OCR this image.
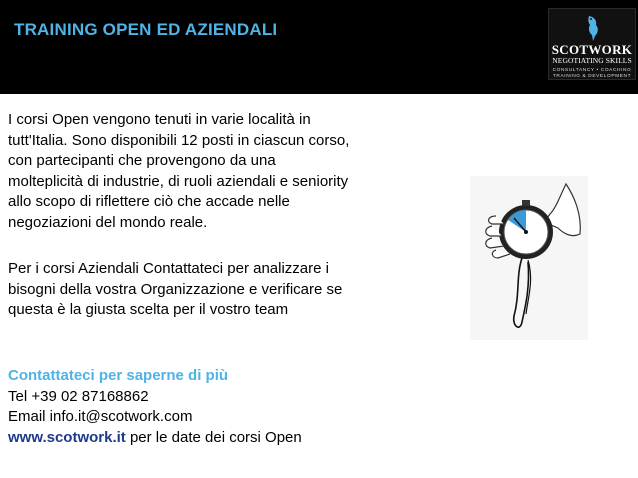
TRAINING OPEN ED AZIENDALI
SCOTWORK
NEGOTIATING SKILLS
CONSULTANCY • COACHING
TRAINING & DEVELOPMENT
I corsi Open vengono tenuti in varie località in
tutt'Italia. Sono disponibili 12 posti in ciascun corso,
con partecipanti che provengono da una
molteplicità di industrie, di ruoli aziendali e seniority
allo scopo di riflettere ciò che accade nelle
negoziazioni del mondo reale.
Per i corsi Aziendali Contattateci per analizzare i
bisogni della vostra Organizzazione e verificare se
questa è la giusta scelta per il vostro team
Contattateci per saperne di più
Tel +39 02 87168862
Email info.it@scotwork.com
www.scotwork.it per le date dei corsi Open
